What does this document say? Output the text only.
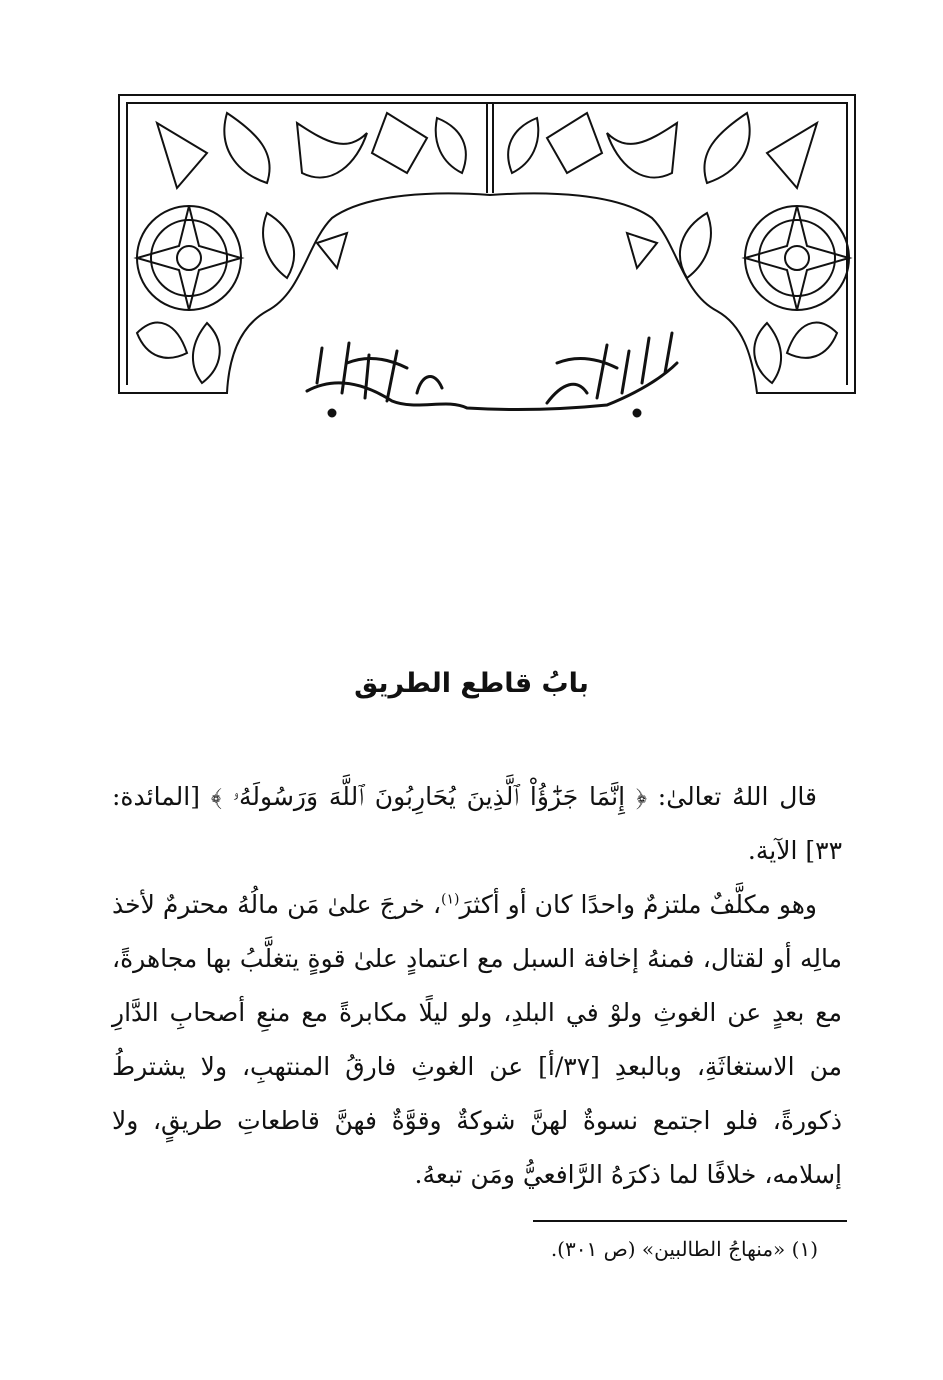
بابُ قاطع الطريق

قال اللهُ تعالىٰ: ﴿ إِنَّمَا جَزَٰٓؤُاْ ٱلَّذِينَ يُحَارِبُونَ ٱللَّهَ وَرَسُولَهُۥ ﴾ [المائدة: ٣٣] الآية.

وهو مكلَّفٌ ملتزمٌ واحدًا كان أو أكثرَ$^{(١)}$، خرجَ علىٰ مَن مالُهُ محترمٌ لأخذ مالِه أو لقتال، فمنهُ إخافة السبل مع اعتمادٍ علىٰ قوةٍ يتغلَّبُ بها مجاهرةً، مع بعدٍ عن الغوثِ ولوْ في البلدِ، ولو ليلًا مكابرةً مع منعِ أصحابِ الدَّارِ من الاستغاثَةِ، وبالبعدِ [٣٧/أ] عن الغوثِ فارقُ المنتهبِ، ولا يشترطُ ذكورةً، فلو اجتمع نسوةٌ لهنَّ شوكةٌ وقوَّةٌ فهنَّ قاطعاتِ طريقٍ، ولا إسلامه، خلافًا لما ذكرَهُ الرَّافعيُّ ومَن تبعهُ.

(١) «منهاجُ الطالبين» (ص ٣٠١).
